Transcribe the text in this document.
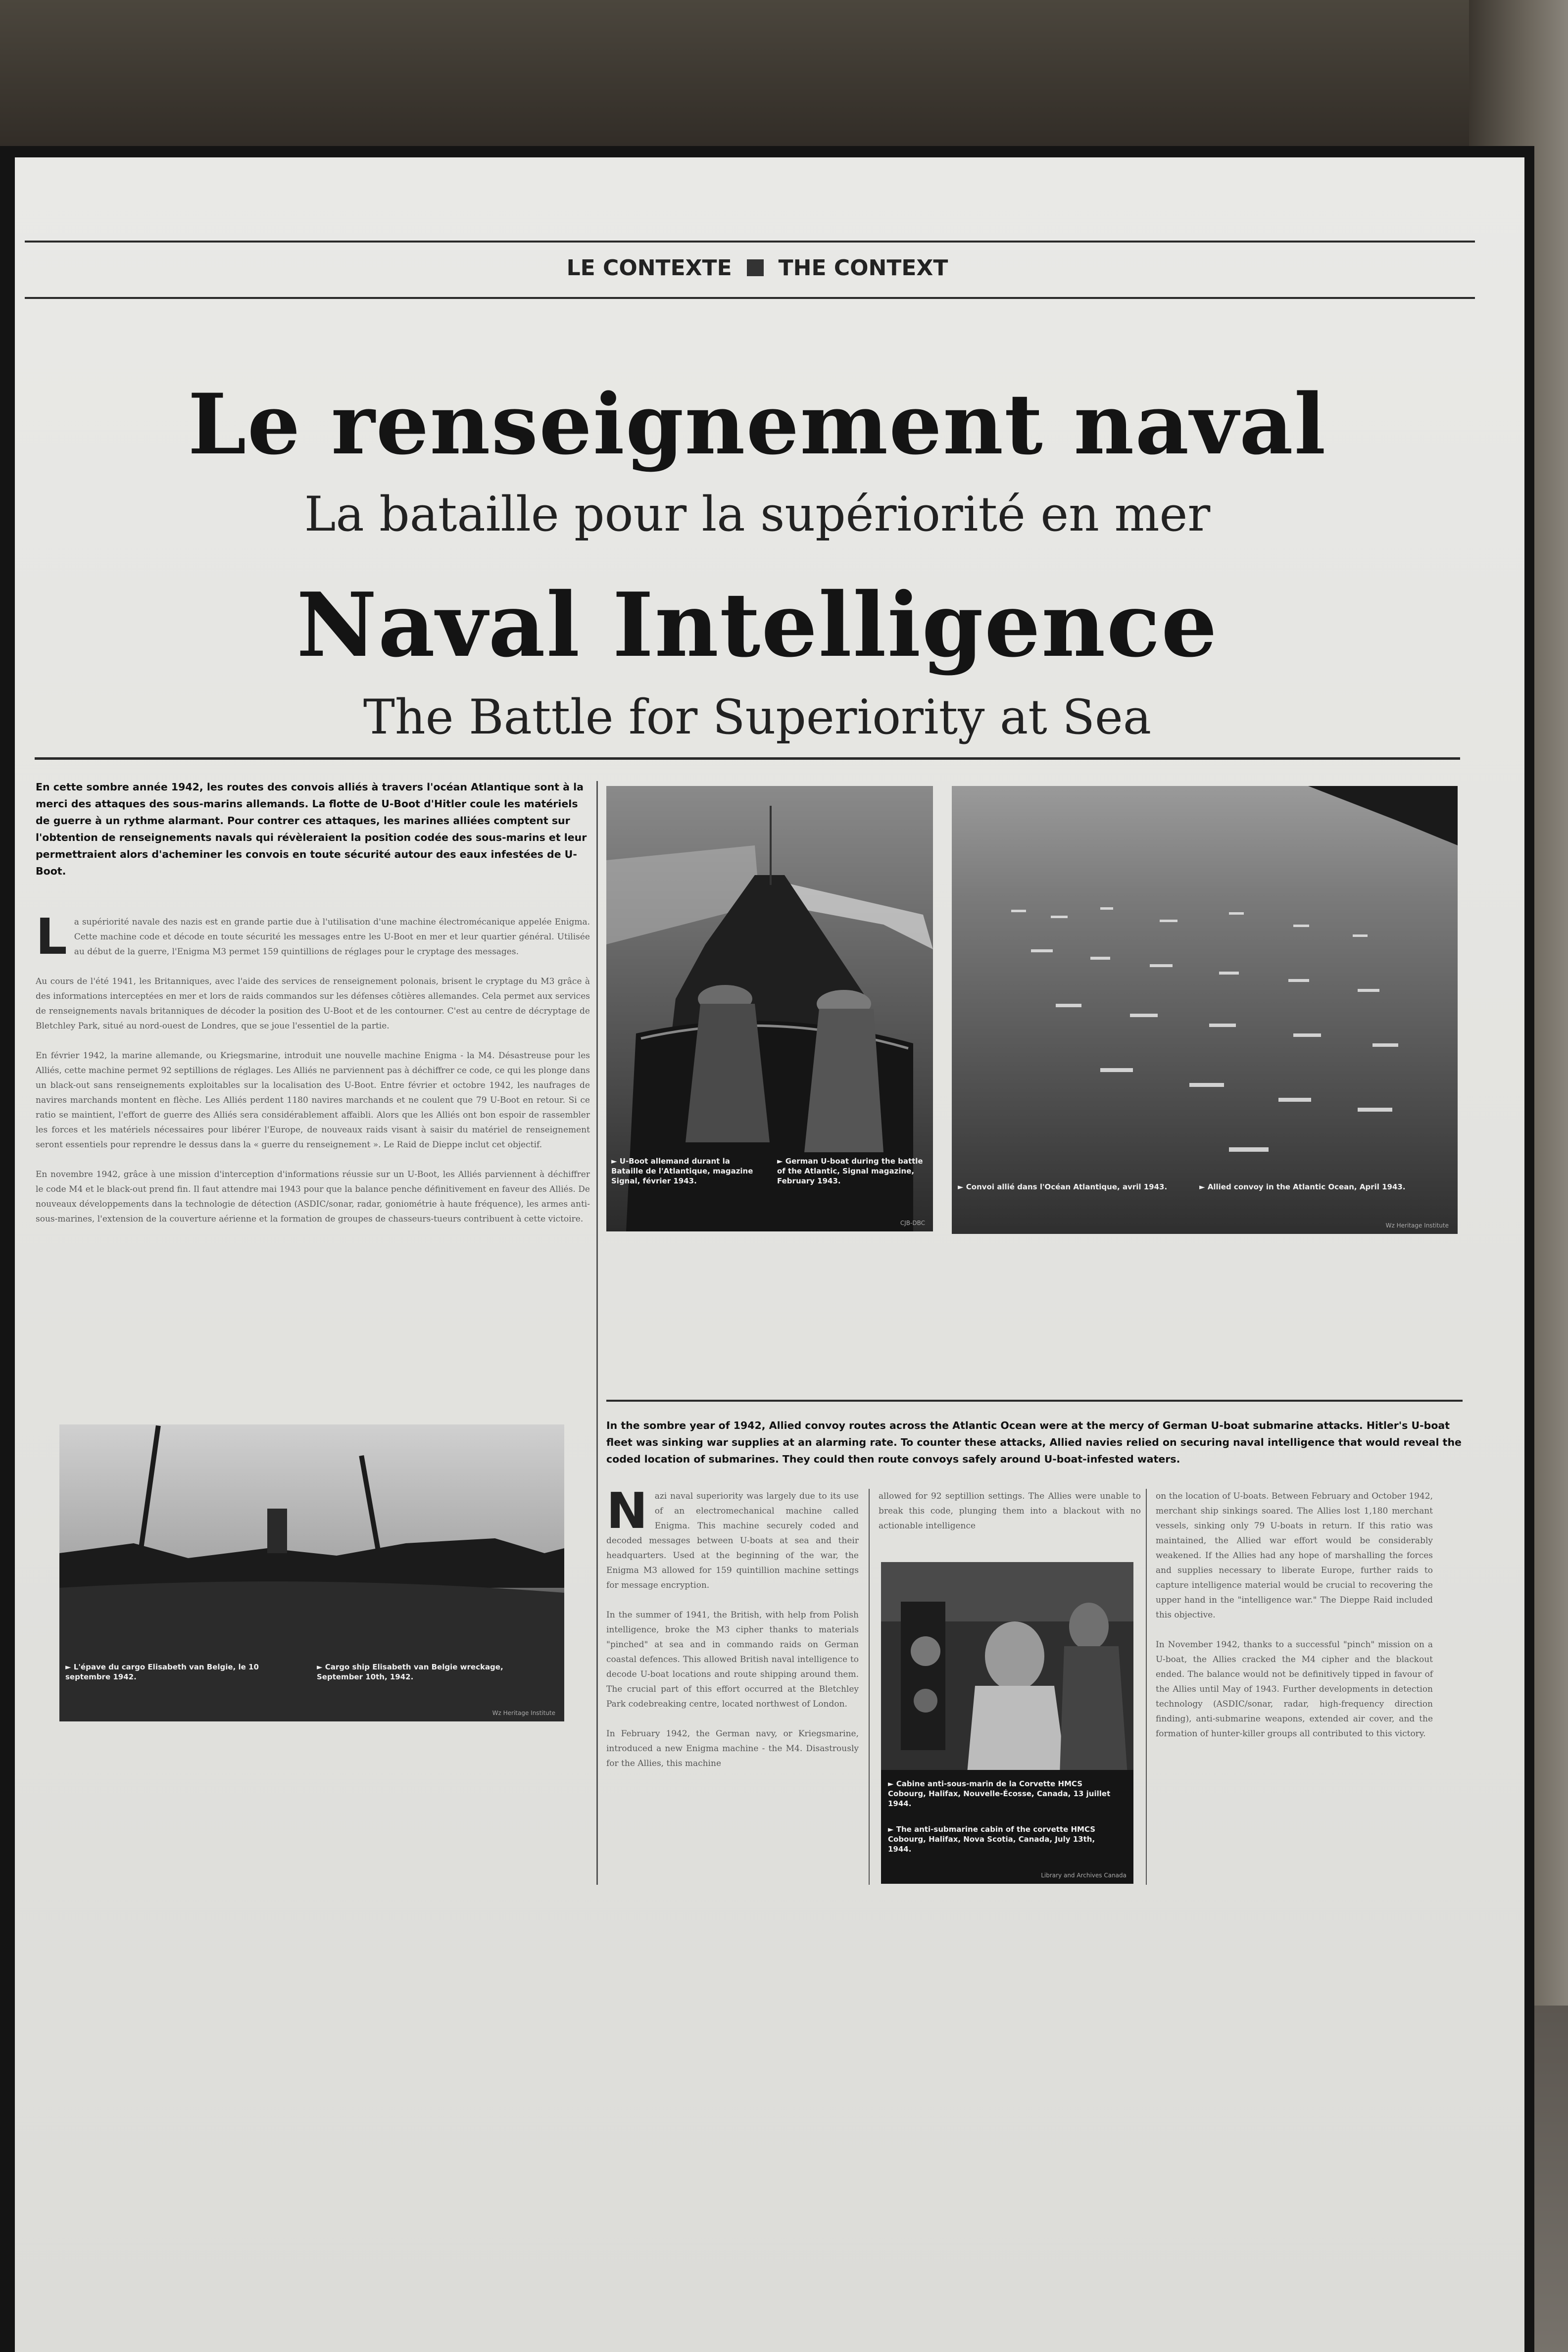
LE CONTEXTE THE CONTEXT
Le renseignement naval
La bataille pour la supériorité en mer
Naval Intelligence
The Battle for Superiority at Sea
En cette sombre année 1942, les routes des convois alliés à travers l'océan Atlantique sont à la merci des attaques des sous-marins allemands. La flotte de U-Boot d'Hitler coule les matériels de guerre à un rythme alarmant. Pour contrer ces attaques, les marines alliées comptent sur l'obtention de renseignements navals qui révèleraient la position codée des sous-marins et leur permettraient alors d'acheminer les convois en toute sécurité autour des eaux infestées de U-Boot.

La supériorité navale des nazis est en grande partie due à l'utilisation d'une machine électromécanique appelée Enigma. Cette machine code et décode en toute sécurité les messages entre les U-Boot en mer et leur quartier général. Utilisée au début de la guerre, l'Enigma M3 permet 159 quintillions de réglages pour le cryptage des messages.

Au cours de l'été 1941, les Britanniques, avec l'aide des services de renseignement polonais, brisent le cryptage du M3 grâce à des informations interceptées en mer et lors de raids commandos sur les défenses côtières allemandes. Cela permet aux services de renseignements navals britanniques de décoder la position des U-Boot et de les contourner. C'est au centre de décryptage de Bletchley Park, situé au nord-ouest de Londres, que se joue l'essentiel de la partie.

En février 1942, la marine allemande, ou Kriegsmarine, introduit une nouvelle machine Enigma - la M4. Désastreuse pour les Alliés, cette machine permet 92 septillions de réglages. Les Alliés ne parviennent pas à déchiffrer ce code, ce qui les plonge dans un black-out sans renseignements exploitables sur la localisation des U-Boot. Entre février et octobre 1942, les naufrages de navires marchands montent en flèche. Les Alliés perdent 1180 navires marchands et ne coulent que 79 U-Boot en retour. Si ce ratio se maintient, l'effort de guerre des Alliés sera considérablement affaibli. Alors que les Alliés ont bon espoir de rassembler les forces et les matériels nécessaires pour libérer l'Europe, de nouveaux raids visant à saisir du matériel de renseignement seront essentiels pour reprendre le dessus dans la « guerre du renseignement ». Le Raid de Dieppe inclut cet objectif.

En novembre 1942, grâce à une mission d'interception d'informations réussie sur un U-Boot, les Alliés parviennent à déchiffrer le code M4 et le black-out prend fin. Il faut attendre mai 1943 pour que la balance penche définitivement en faveur des Alliés. De nouveaux développements dans la technologie de détection (ASDIC/sonar, radar, goniométrie à haute fréquence), les armes anti-sous-marines, l'extension de la couverture aérienne et la formation de groupes de chasseurs-tueurs contribuent à cette victoire.

► U-Boot allemand durant la Bataille de l'Atlantique, magazine Signal, février 1943.
► German U-boat during the battle of the Atlantic, Signal magazine, February 1943.
CJB-DBC
► Convoi allié dans l'Océan Atlantique, avril 1943.	► Allied convoy in the Atlantic Ocean, April 1943.
Wz Heritage Institute
► L'épave du cargo Elisabeth van Belgie, le 10 septembre 1942.
► Cargo ship Elisabeth van Belgie wreckage, September 10th, 1942.
Wz Heritage Institute
In the sombre year of 1942, Allied convoy routes across the Atlantic Ocean were at the mercy of German U-boat submarine attacks. Hitler's U-boat fleet was sinking war supplies at an alarming rate. To counter these attacks, Allied navies relied on securing naval intelligence that would reveal the coded location of submarines. They could then route convoys safely around U-boat-infested waters.

Nazi naval superiority was largely due to its use of an electromechanical machine called Enigma. This machine securely coded and decoded messages between U-boats at sea and their headquarters. Used at the beginning of the war, the Enigma M3 allowed for 159 quintillion machine settings for message encryption.

In the summer of 1941, the British, with help from Polish intelligence, broke the M3 cipher thanks to materials "pinched" at sea and in commando raids on German coastal defences. This allowed British naval intelligence to decode U-boat locations and route shipping around them. The crucial part of this effort occurred at the Bletchley Park codebreaking centre, located northwest of London.

In February 1942, the German navy, or Kriegsmarine, introduced a new Enigma machine - the M4. Disastrously for the Allies, this machine

allowed for 92 septillion settings. The Allies were unable to break this code, plunging them into a blackout with no actionable intelligence

► Cabine anti-sous-marin de la Corvette HMCS Cobourg, Halifax, Nouvelle-Écosse, Canada, 13 juillet 1944.
► The anti-submarine cabin of the corvette HMCS Cobourg, Halifax, Nova Scotia, Canada, July 13th, 1944.
Library and Archives Canada

on the location of U-boats. Between February and October 1942, merchant ship sinkings soared. The Allies lost 1,180 merchant vessels, sinking only 79 U-boats in return. If this ratio was maintained, the Allied war effort would be considerably weakened. If the Allies had any hope of marshalling the forces and supplies necessary to liberate Europe, further raids to capture intelligence material would be crucial to recovering the upper hand in the "intelligence war." The Dieppe Raid included this objective.

In November 1942, thanks to a successful "pinch" mission on a U-boat, the Allies cracked the M4 cipher and the blackout ended. The balance would not be definitively tipped in favour of the Allies until May of 1943. Further developments in detection technology (ASDIC/sonar, radar, high-frequency direction finding), anti-submarine weapons, extended air cover, and the formation of hunter-killer groups all contributed to this victory.
